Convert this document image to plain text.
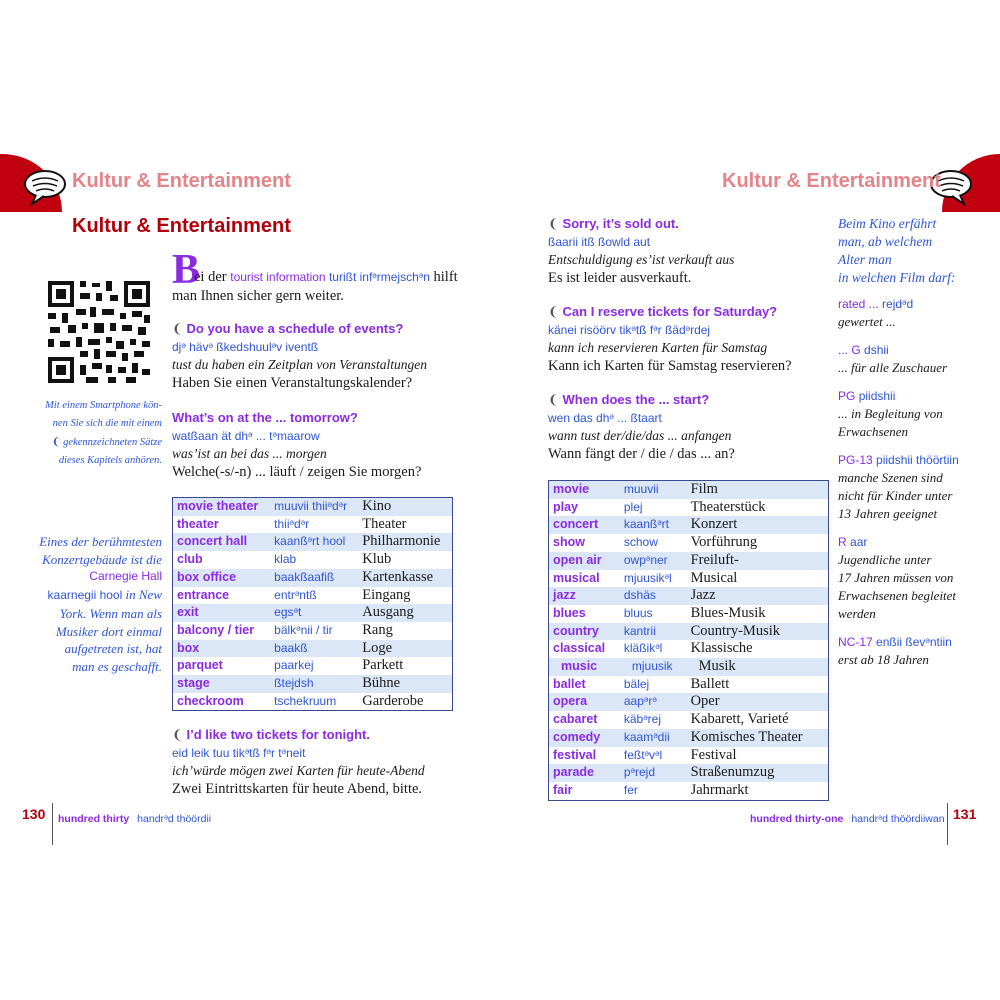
Kultur & Entertainment
Kultur & Entertainment
Mit einem Smartphone kön-
nen Sie sich die mit einem
❨ gekennzeichneten Sätze
dieses Kapitels anhören.
B
ei der tourist information turißt infᵊrmejschᵊn hilft
man Ihnen sicher gern weiter.
❨ Do you have a schedule of events?
djᵊ hävᵊ ßkedshuulᵊv iventß
tust du haben ein Zeitplan von Veranstaltungen
Haben Sie einen Veranstaltungskalender?
What’s on at the ... tomorrow?
watßaan ät dhᵊ ... tᵊmaarow
was’ist an bei das ... morgen
Welche(-s/-n) ... läuft / zeigen Sie morgen?
movie theater	muuvii thiiᵊdᵊr	Kino
theater	thiiᵊdᵊr	Theater
concert hall	kaanßᵊrt hool	Philharmonie
club	klab	Klub
box office	baakßaafiß	Kartenkasse
entrance	entrᵊntß	Eingang
exit	egsᵊt	Ausgang
balcony / tier	bälkᵊnii / tir	Rang
box	baakß	Loge
parquet	paarkej	Parkett
stage	ßtejdsh	Bühne
checkroom	tschekruum	Garderobe
Eines der berühmtesten
Konzertgebäude ist die
Carnegie Hall
kaarnegii hool in New
York. Wenn man als
Musiker dort einmal
aufgetreten ist, hat
man es geschafft.
❨ I’d like two tickets for tonight.
eid leik tuu tikᵊtß fᵊr tᵊneit
ich’würde mögen zwei Karten für heute-Abend
Zwei Eintrittskarten für heute Abend, bitte.
130 hundred thirty handrᵊd thöördii
Kultur & Entertainment
❨ Sorry, it’s sold out.
ßaarii itß ßowld aut
Entschuldigung es’ist verkauft aus
Es ist leider ausverkauft.
❨ Can I reserve tickets for Saturday?
känei risöörv tikᵊtß fᵊr ßädᵊrdej
kann ich reservieren Karten für Samstag
Kann ich Karten für Samstag reservieren?
❨ When does the ... start?
wen das dhᵊ ... ßtaart
wann tust der/die/das ... anfangen
Wann fängt der / die / das ... an?
movie	muuvii	Film
play	plej	Theaterstück
concert	kaanßᵊrt	Konzert
show	schow	Vorführung
open air	owpᵊner	Freiluft-
musical	mjuusikᵊl	Musical
jazz	dshäs	Jazz
blues	bluus	Blues-Musik
country	kantrii	Country-Musik
classical	kläßikᵊl	Klassische
music	mjuusik	Musik
ballet	bälej	Ballett
opera	aapᵊrᵊ	Oper
cabaret	käbᵊrej	Kabarett, Varieté
comedy	kaamᵊdii	Komisches Theater
festival	feßtᵊvᵊl	Festival
parade	pᵊrejd	Straßenumzug
fair	fer	Jahrmarkt
Beim Kino erfährt
man, ab welchem
Alter man
in welchen Film darf:
rated ... rejdᵊd
gewertet ...
... G dshii
... für alle Zuschauer
PG piidshii
... in Begleitung von
Erwachsenen
PG-13 piidshii thöörtiin
manche Szenen sind
nicht für Kinder unter
13 Jahren geeignet
R aar
Jugendliche unter
17 Jahren müssen von
Erwachsenen begleitet
werden
NC-17 enßii ßevᵊntiin
erst ab 18 Jahren
hundred thirty-one handrᵊd thöördiiwan 131
